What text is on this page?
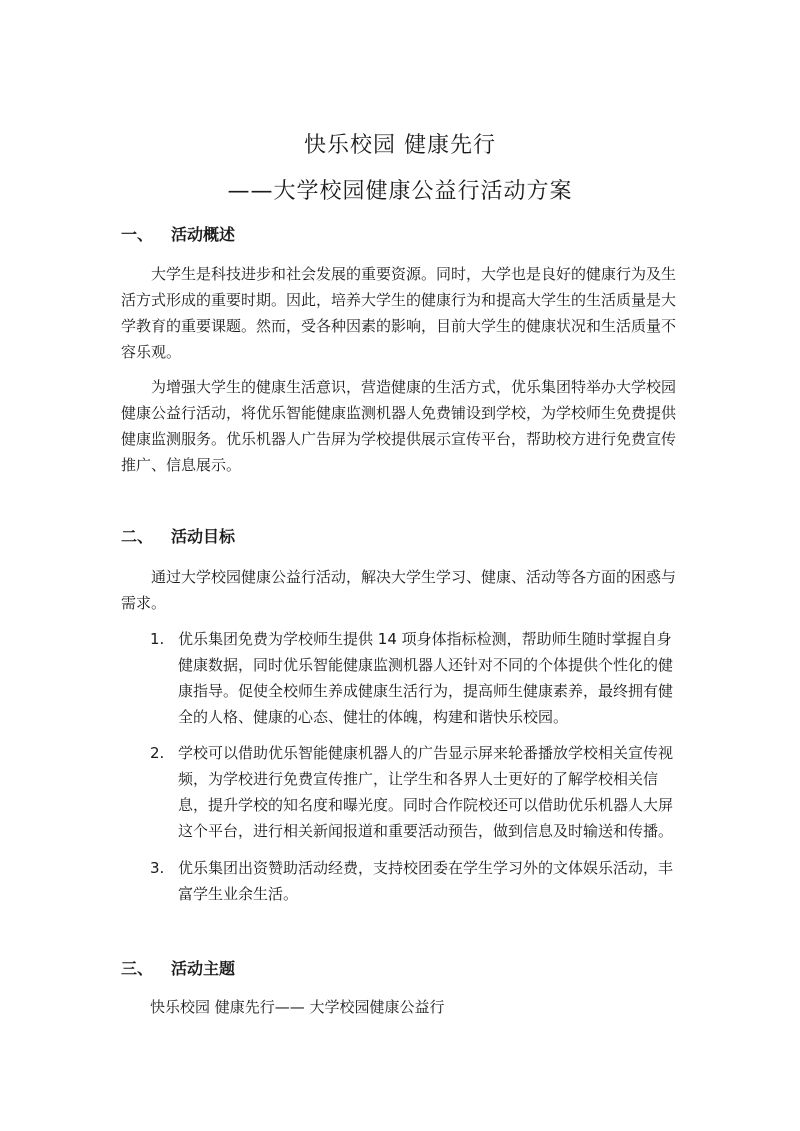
快乐校园 健康先行
——大学校园健康公益行活动方案
一、 活动概述

大学生是科技进步和社会发展的重要资源。同时，大学也是良好的健康行为及生活方式形成的重要时期。因此，培养大学生的健康行为和提高大学生的生活质量是大学教育的重要课题。然而，受各种因素的影响，目前大学生的健康状况和生活质量不容乐观。

为增强大学生的健康生活意识，营造健康的生活方式，优乐集团特举办大学校园健康公益行活动，将优乐智能健康监测机器人免费铺设到学校，为学校师生免费提供健康监测服务。优乐机器人广告屏为学校提供展示宣传平台，帮助校方进行免费宣传推广、信息展示。

二、 活动目标

通过大学校园健康公益行活动，解决大学生学习、健康、活动等各方面的困惑与需求。

1. 优乐集团免费为学校师生提供 14 项身体指标检测，帮助师生随时掌握自身健康数据，同时优乐智能健康监测机器人还针对不同的个体提供个性化的健康指导。促使全校师生养成健康生活行为，提高师生健康素养，最终拥有健全的人格、健康的心态、健壮的体魄，构建和谐快乐校园。
2. 学校可以借助优乐智能健康机器人的广告显示屏来轮番播放学校相关宣传视频，为学校进行免费宣传推广，让学生和各界人士更好的了解学校相关信息，提升学校的知名度和曝光度。同时合作院校还可以借助优乐机器人大屏这个平台，进行相关新闻报道和重要活动预告，做到信息及时输送和传播。
3. 优乐集团出资赞助活动经费，支持校团委在学生学习外的文体娱乐活动，丰富学生业余生活。
三、 活动主题

快乐校园 健康先行—— 大学校园健康公益行
